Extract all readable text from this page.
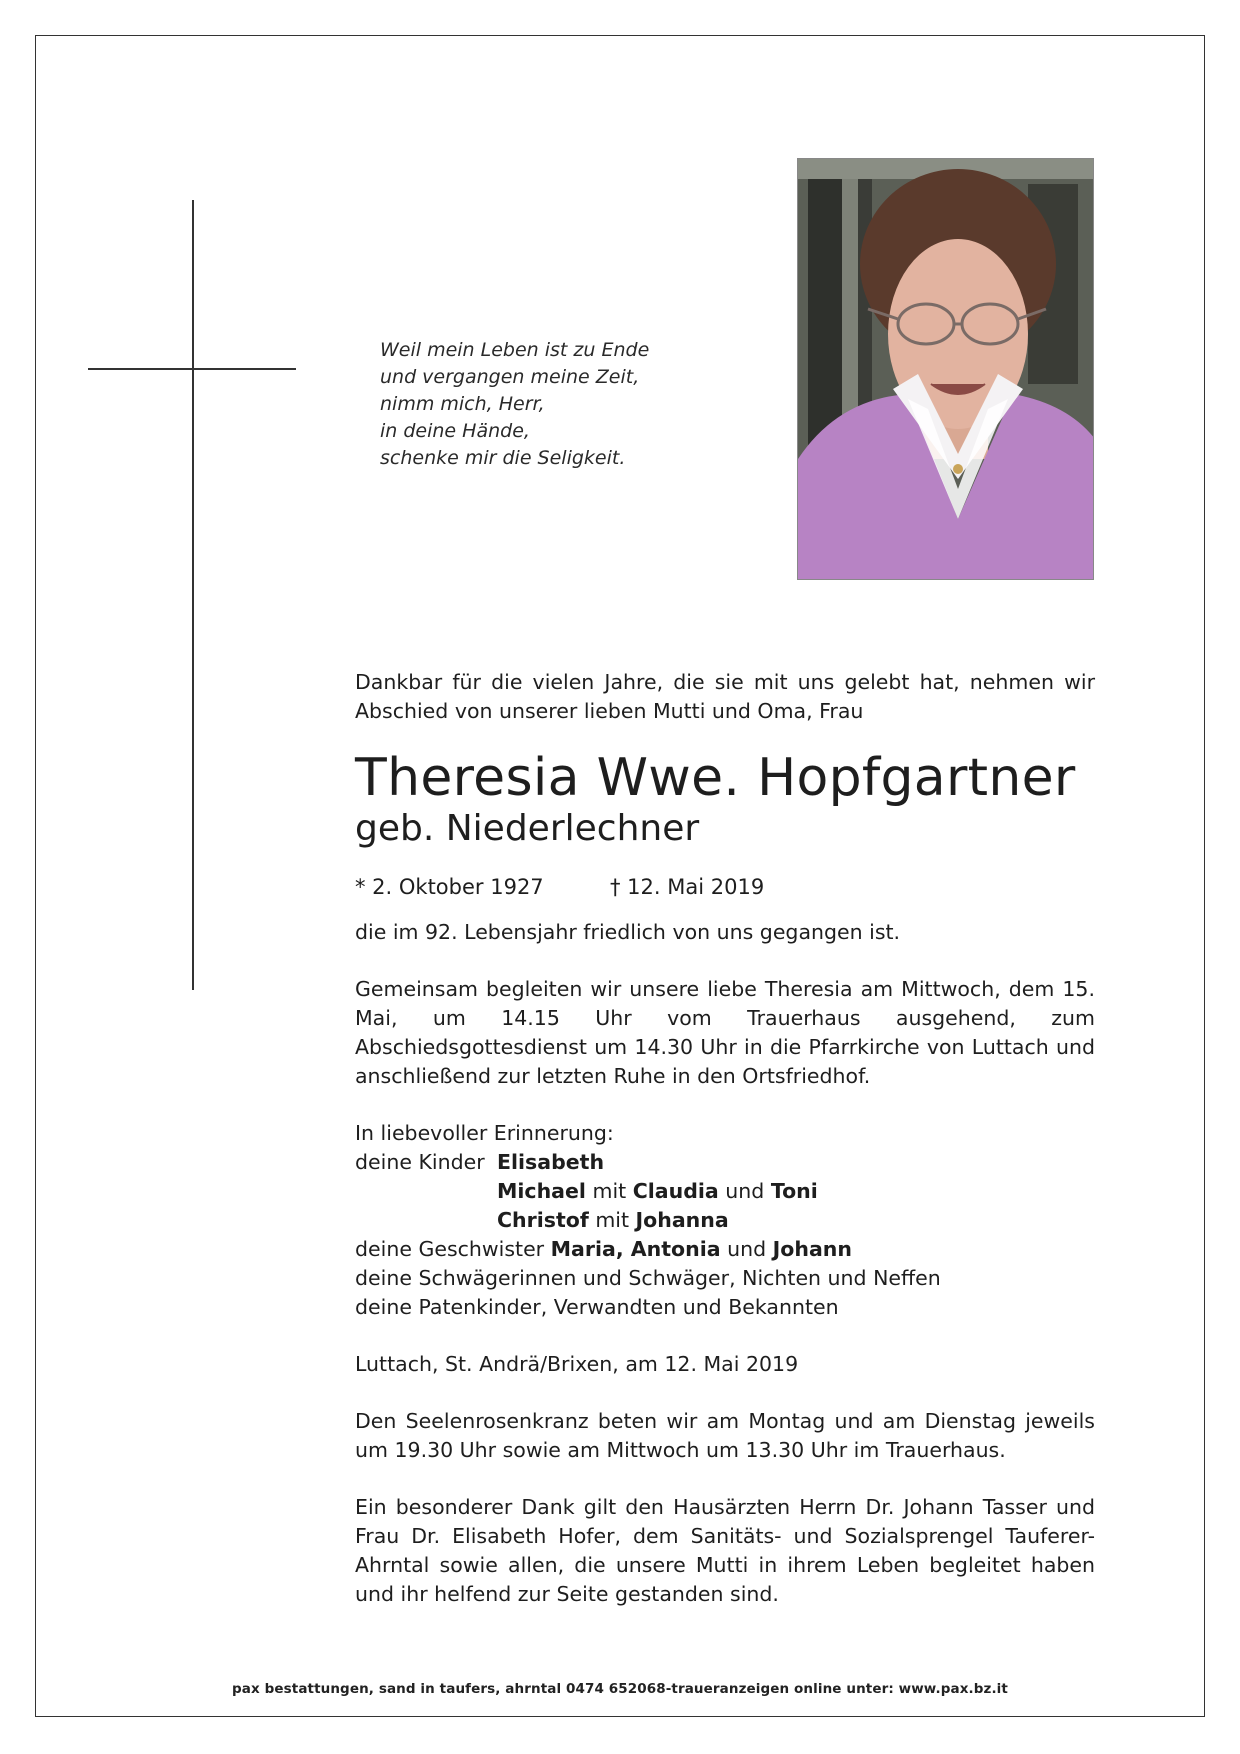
Weil mein Leben ist zu Ende
und vergangen meine Zeit,
nimm mich, Herr,
in deine Hände,
schenke mir die Seligkeit.

Dankbar für die vielen Jahre, die sie mit uns gelebt hat, nehmen wir Abschied von unserer lieben Mutti und Oma, Frau

Theresia Wwe. Hopfgartner
geb. Niederlechner
* 2. Oktober 1927	† 12. Mai 2019

die im 92. Lebensjahr friedlich von uns gegangen ist.

Gemeinsam begleiten wir unsere liebe Theresia am Mittwoch, dem 15. Mai, um 14.15 Uhr vom Trauerhaus ausgehend, zum Abschiedsgottesdienst um 14.30 Uhr in die Pfarrkirche von Luttach und anschließend zur letzten Ruhe in den Ortsfriedhof.

In liebevoller Erinnerung:
deine Kinder Elisabeth
Michael
mit
Claudia
und
Toni
Christof
mit
Johanna
deine Geschwister
Maria, Antonia
und
Johann
deine Schwägerinnen und Schwäger, Nichten und Neffen
deine Patenkinder, Verwandten und Bekannten

Luttach, St. Andrä/Brixen, am 12. Mai 2019

Den Seelenrosenkranz beten wir am Montag und am Dienstag jeweils um 19.30 Uhr sowie am Mittwoch um 13.30 Uhr im Trauerhaus.

Ein besonderer Dank gilt den Hausärzten Herrn Dr. Johann Tasser und Frau Dr. Elisabeth Hofer, dem Sanitäts- und Sozialsprengel Tauferer-Ahrntal sowie allen, die unsere Mutti in ihrem Leben begleitet haben und ihr helfend zur Seite gestanden sind.

pax bestattungen, sand in taufers, ahrntal 0474 652068-traueranzeigen online unter: www.pax.bz.it
